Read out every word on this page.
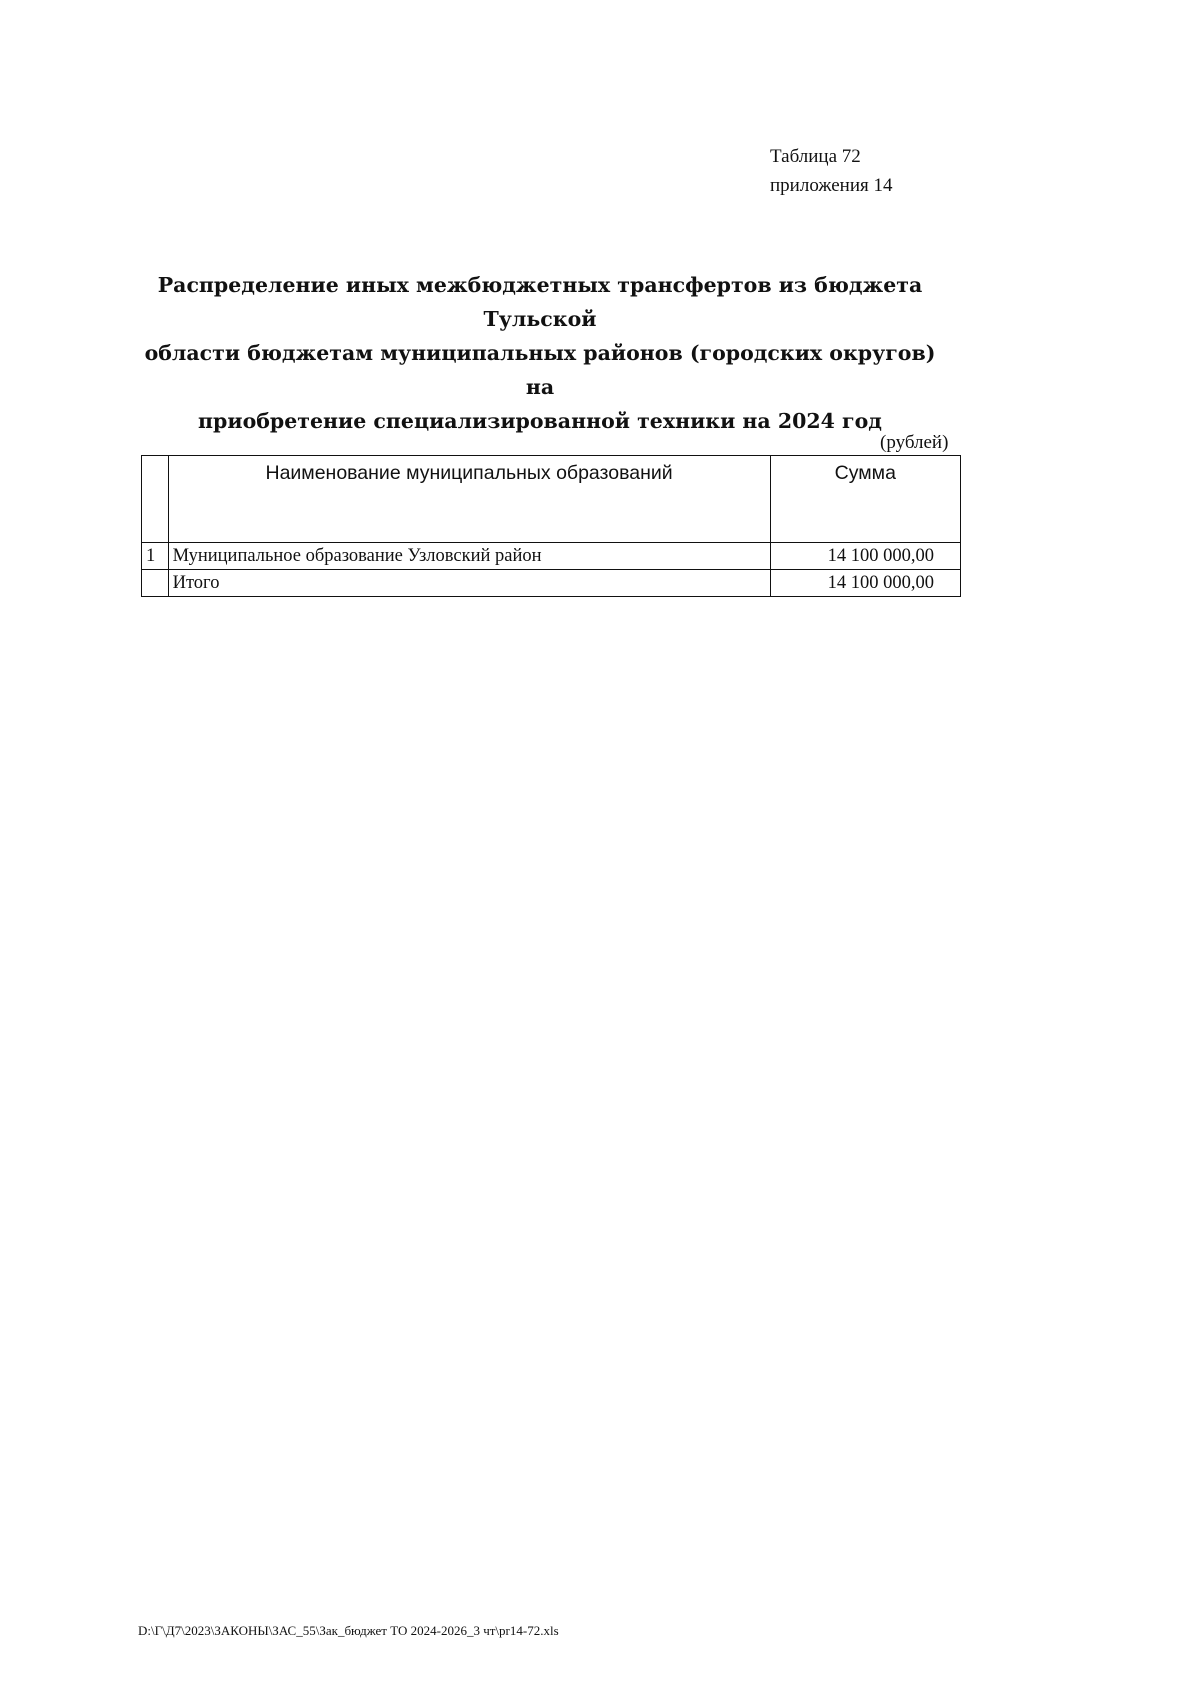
Таблица 72
приложения 14
Распределение иных межбюджетных трансфертов из бюджета Тульской
области бюджетам муниципальных районов (городских округов) на
приобретение специализированной техники на 2024 год
(рублей)
	Наименование муниципальных образований	Сумма
1	Муниципальное образование Узловский район	14 100 000,00
	Итого	14 100 000,00
D:\Г\Д7\2023\ЗАКОНЫ\ЗАС_55\Зак_бюджет ТО 2024-2026_3 чт\pr14-72.xls
